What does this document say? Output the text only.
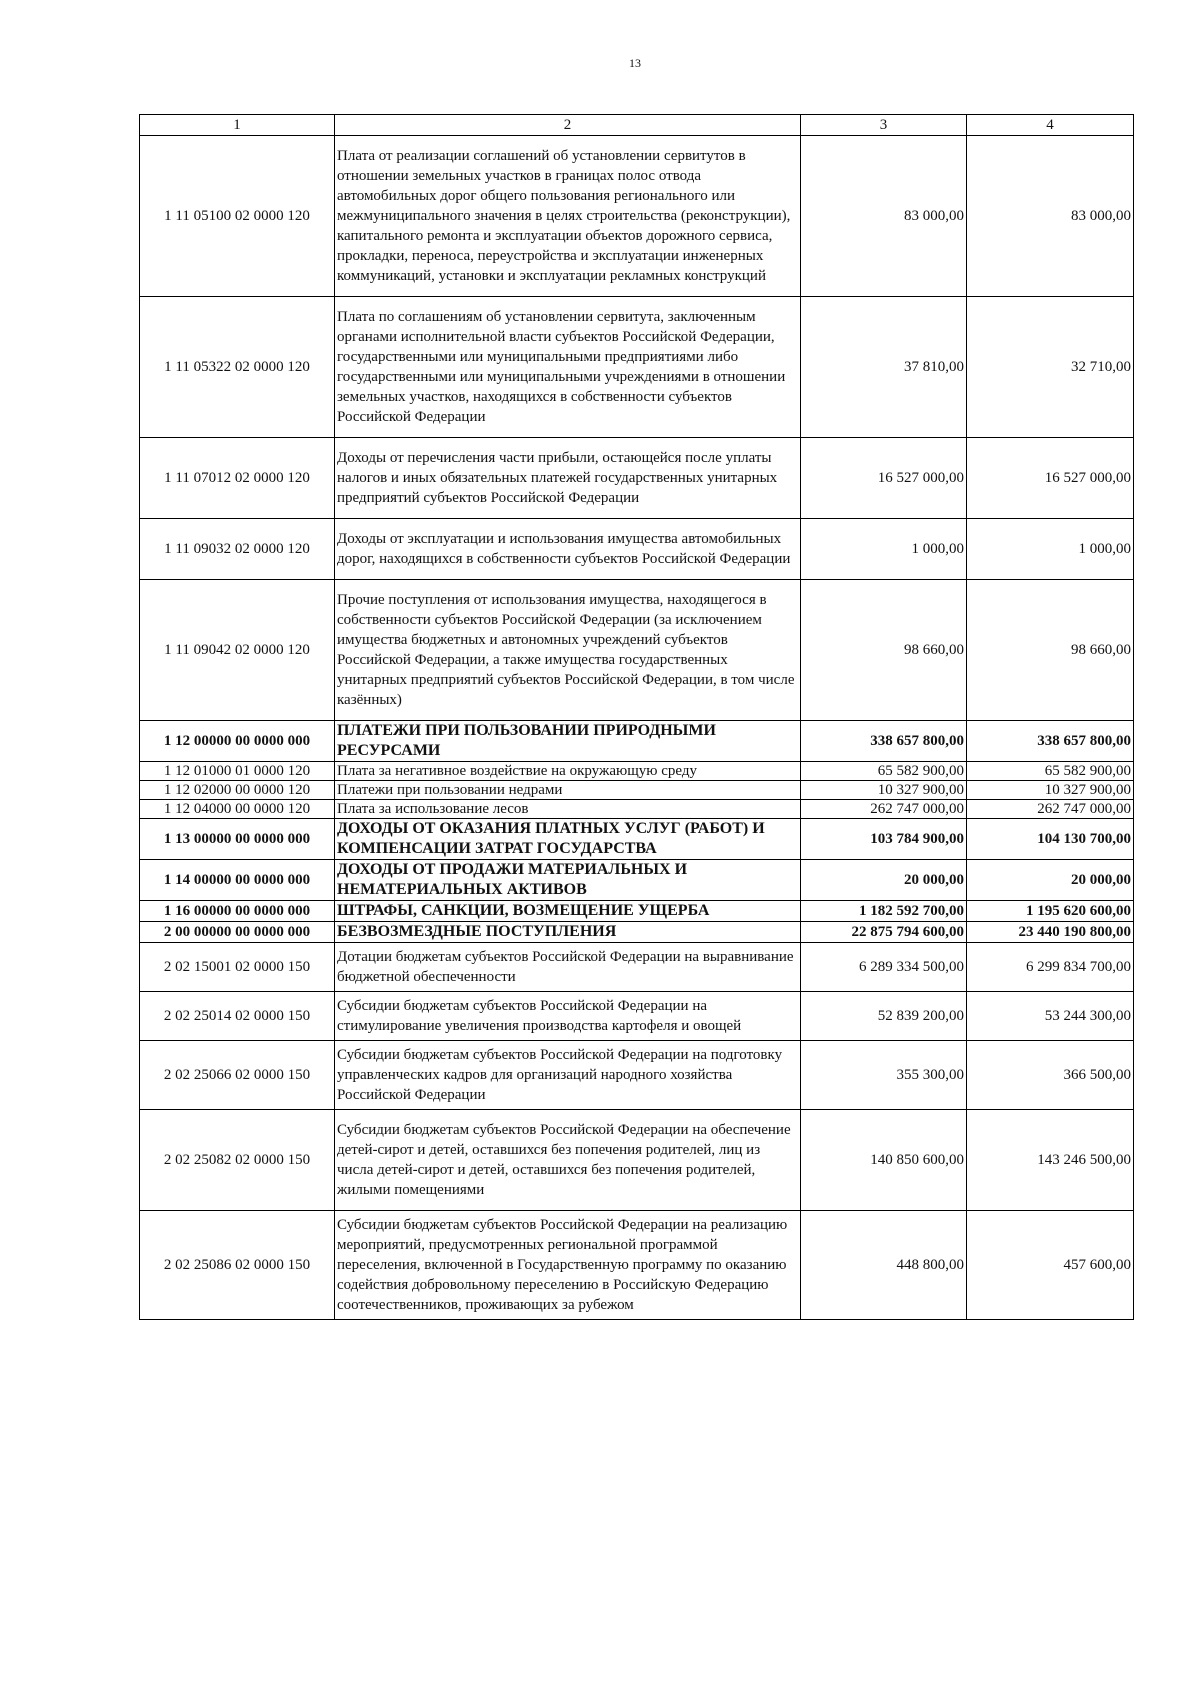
13
1	2	3	4
1 11 05100 02 0000 120	Плата от реализации соглашений об установлении сервитутов в отношении земельных участков в границах полос отвода автомобильных дорог общего пользования регионального или межмуниципального значения в целях строительства (реконструкции), капитального ремонта и эксплуатации объектов дорожного сервиса, прокладки, переноса, переустройства и эксплуатации инженерных коммуникаций, установки и эксплуатации рекламных конструкций	83 000,00	83 000,00
1 11 05322 02 0000 120	Плата по соглашениям об установлении сервитута, заключенным органами исполнительной власти субъектов Российской Федерации, государственными или муниципальными предприятиями либо государственными или муниципальными учреждениями в отношении земельных участков, находящихся в собственности субъектов Российской Федерации	37 810,00	32 710,00
1 11 07012 02 0000 120	Доходы от перечисления части прибыли, остающейся после уплаты налогов и иных обязательных платежей государственных унитарных предприятий субъектов Российской Федерации	16 527 000,00	16 527 000,00
1 11 09032 02 0000 120	Доходы от эксплуатации и использования имущества автомобильных дорог, находящихся в собственности субъектов Российской Федерации	1 000,00	1 000,00
1 11 09042 02 0000 120	Прочие поступления от использования имущества, находящегося в собственности субъектов Российской Федерации (за исключением имущества бюджетных и автономных учреждений субъектов Российской Федерации, а также имущества государственных унитарных предприятий субъектов Российской Федерации, в том числе казённых)	98 660,00	98 660,00
1 12 00000 00 0000 000	ПЛАТЕЖИ ПРИ ПОЛЬЗОВАНИИ ПРИРОДНЫМИ РЕСУРСАМИ	338 657 800,00	338 657 800,00
1 12 01000 01 0000 120	Плата за негативное воздействие на окружающую среду	65 582 900,00	65 582 900,00
1 12 02000 00 0000 120	Платежи при пользовании недрами	10 327 900,00	10 327 900,00
1 12 04000 00 0000 120	Плата за использование лесов	262 747 000,00	262 747 000,00
1 13 00000 00 0000 000	ДОХОДЫ ОТ ОКАЗАНИЯ ПЛАТНЫХ УСЛУГ (РАБОТ) И КОМПЕНСАЦИИ ЗАТРАТ ГОСУДАРСТВА	103 784 900,00	104 130 700,00
1 14 00000 00 0000 000	ДОХОДЫ ОТ ПРОДАЖИ МАТЕРИАЛЬНЫХ И НЕМАТЕРИАЛЬНЫХ АКТИВОВ	20 000,00	20 000,00
1 16 00000 00 0000 000	ШТРАФЫ, САНКЦИИ, ВОЗМЕЩЕНИЕ УЩЕРБА	1 182 592 700,00	1 195 620 600,00
2 00 00000 00 0000 000	БЕЗВОЗМЕЗДНЫЕ ПОСТУПЛЕНИЯ	22 875 794 600,00	23 440 190 800,00
2 02 15001 02 0000 150	Дотации бюджетам субъектов Российской Федерации на выравнивание бюджетной обеспеченности	6 289 334 500,00	6 299 834 700,00
2 02 25014 02 0000 150	Субсидии бюджетам субъектов Российской Федерации на стимулирование увеличения производства картофеля и овощей	52 839 200,00	53 244 300,00
2 02 25066 02 0000 150	Субсидии бюджетам субъектов Российской Федерации на подготовку управленческих кадров для организаций народного хозяйства Российской Федерации	355 300,00	366 500,00
2 02 25082 02 0000 150	Субсидии бюджетам субъектов Российской Федерации на обеспечение детей-сирот и детей, оставшихся без попечения родителей, лиц из числа детей-сирот и детей, оставшихся без попечения родителей, жилыми помещениями	140 850 600,00	143 246 500,00
2 02 25086 02 0000 150	Субсидии бюджетам субъектов Российской Федерации на реализацию мероприятий, предусмотренных региональной программой переселения, включенной в Государственную программу по оказанию содействия добровольному переселению в Российскую Федерацию соотечественников, проживающих за рубежом	448 800,00	457 600,00
